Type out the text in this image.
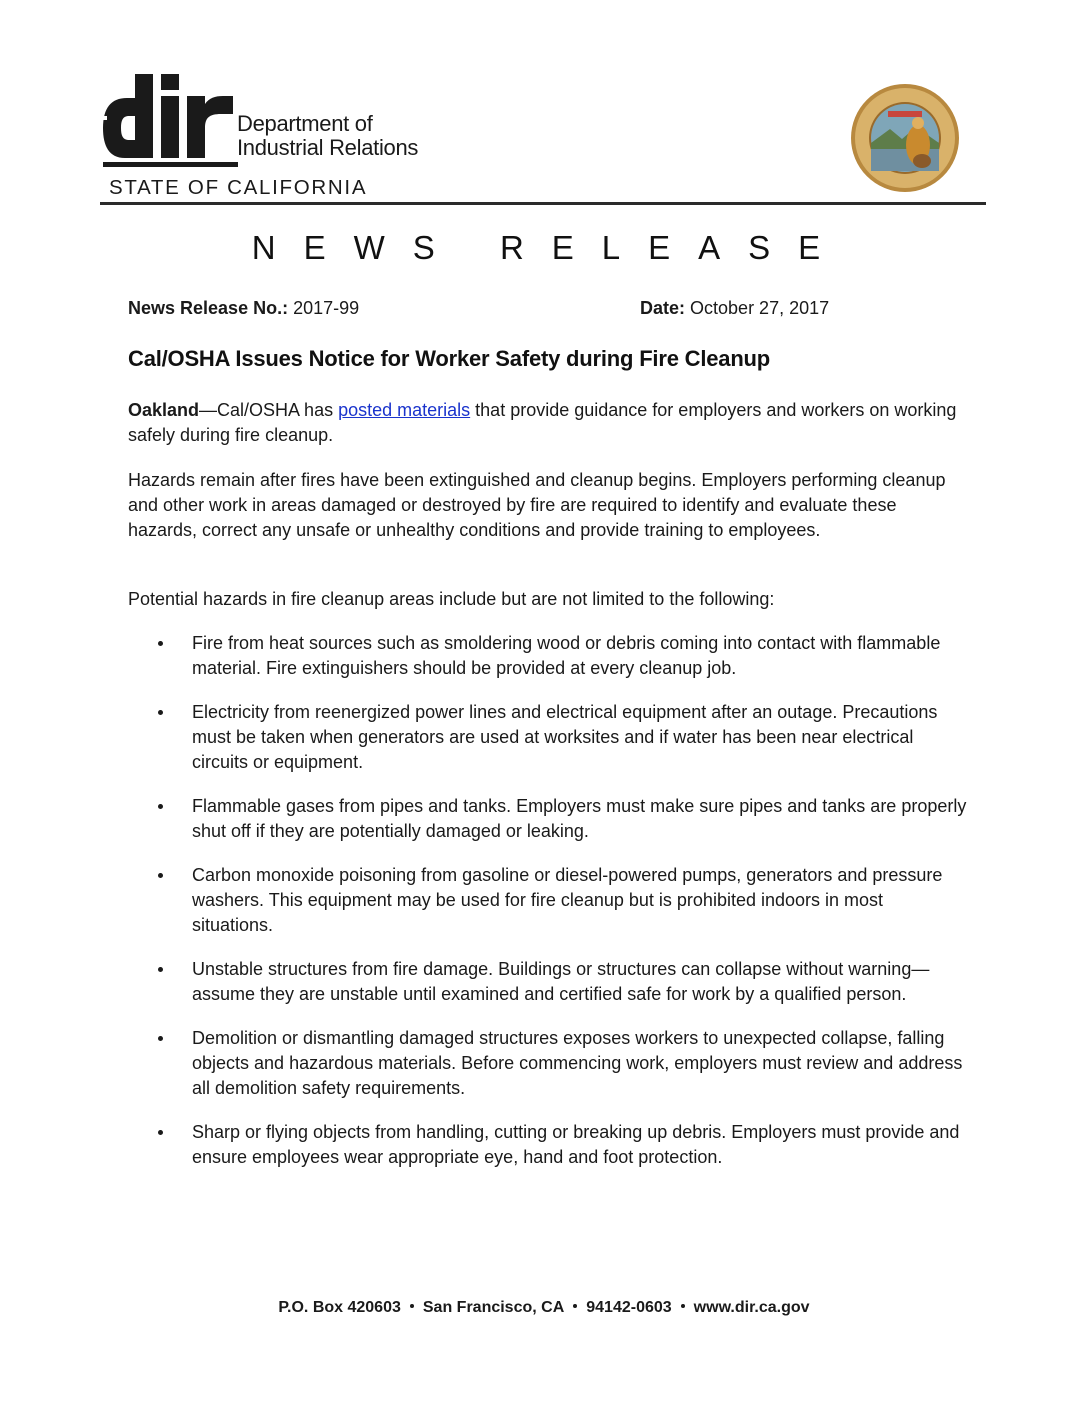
Department of
Industrial Relations
STATE OF CALIFORNIA
NEWS RELEASE
News Release No.: 2017-99	Date: October 27, 2017
Cal/OSHA Issues Notice for Worker Safety during Fire Cleanup
Oakland—Cal/OSHA has posted materials that provide guidance for employers and workers on working safely during fire cleanup.
Hazards remain after fires have been extinguished and cleanup begins. Employers performing cleanup and other work in areas damaged or destroyed by fire are required to identify and evaluate these hazards, correct any unsafe or unhealthy conditions and provide training to employees.
Potential hazards in fire cleanup areas include but are not limited to the following:
Fire from heat sources such as smoldering wood or debris coming into contact with flammable material. Fire extinguishers should be provided at every cleanup job.
Electricity from reenergized power lines and electrical equipment after an outage. Precautions must be taken when generators are used at worksites and if water has been near electrical circuits or equipment.
Flammable gases from pipes and tanks. Employers must make sure pipes and tanks are properly shut off if they are potentially damaged or leaking.
Carbon monoxide poisoning from gasoline or diesel-powered pumps, generators and pressure washers. This equipment may be used for fire cleanup but is prohibited indoors in most situations.
Unstable structures from fire damage. Buildings or structures can collapse without warning—assume they are unstable until examined and certified safe for work by a qualified person.
Demolition or dismantling damaged structures exposes workers to unexpected collapse, falling objects and hazardous materials. Before commencing work, employers must review and address all demolition safety requirements.
Sharp or flying objects from handling, cutting or breaking up debris. Employers must provide and ensure employees wear appropriate eye, hand and foot protection.
P.O. Box 420603 San Francisco, CA 94142-0603 www.dir.ca.gov
